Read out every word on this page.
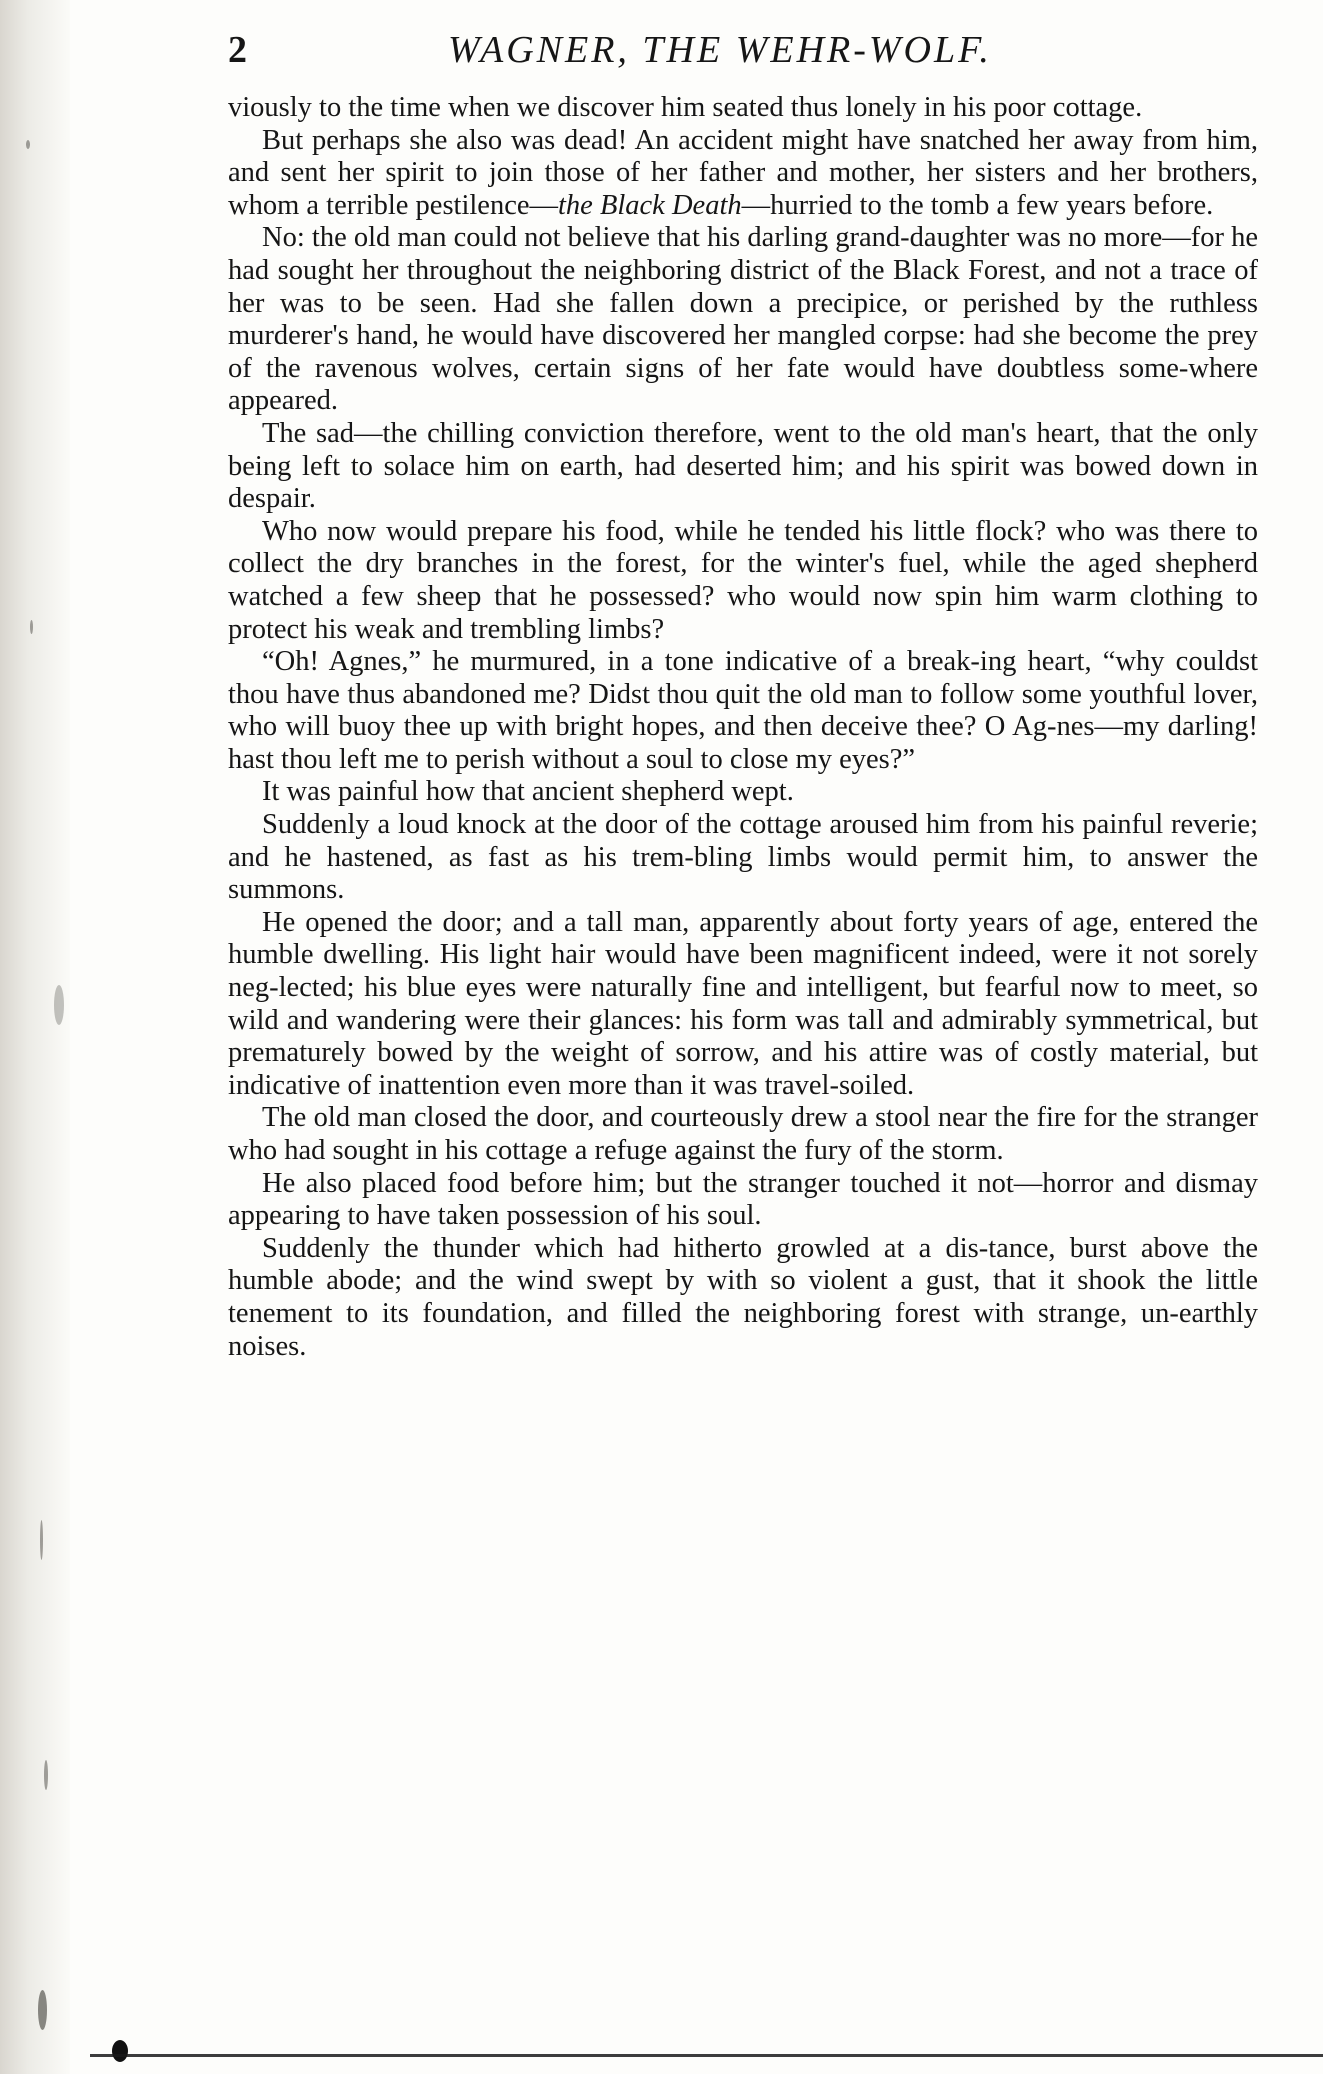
2	WAGNER, THE WEHR-WOLF.

viously to the time when we discover him seated thus lonely in his poor cottage.

But perhaps she also was dead! An accident might have snatched her away from him, and sent her spirit to join those of her father and mother, her sisters and her brothers, whom a terrible pestilence—the Black Death—hurried to the tomb a few years before.

No: the old man could not believe that his darling grand-daughter was no more—for he had sought her throughout the neighboring district of the Black Forest, and not a trace of her was to be seen. Had she fallen down a precipice, or perished by the ruthless murderer's hand, he would have discovered her mangled corpse: had she become the prey of the ravenous wolves, certain signs of her fate would have doubtless some-where appeared.

The sad—the chilling conviction therefore, went to the old man's heart, that the only being left to solace him on earth, had deserted him; and his spirit was bowed down in despair.

Who now would prepare his food, while he tended his little flock? who was there to collect the dry branches in the forest, for the winter's fuel, while the aged shepherd watched a few sheep that he possessed? who would now spin him warm clothing to protect his weak and trembling limbs?

“Oh! Agnes,” he murmured, in a tone indicative of a break-ing heart, “why couldst thou have thus abandoned me? Didst thou quit the old man to follow some youthful lover, who will buoy thee up with bright hopes, and then deceive thee? O Ag-nes—my darling! hast thou left me to perish without a soul to close my eyes?”

It was painful how that ancient shepherd wept.

Suddenly a loud knock at the door of the cottage aroused him from his painful reverie; and he hastened, as fast as his trem-bling limbs would permit him, to answer the summons.

He opened the door; and a tall man, apparently about forty years of age, entered the humble dwelling. His light hair would have been magnificent indeed, were it not sorely neg-lected; his blue eyes were naturally fine and intelligent, but fearful now to meet, so wild and wandering were their glances: his form was tall and admirably symmetrical, but prematurely bowed by the weight of sorrow, and his attire was of costly material, but indicative of inattention even more than it was travel-soiled.

The old man closed the door, and courteously drew a stool near the fire for the stranger who had sought in his cottage a refuge against the fury of the storm.

He also placed food before him; but the stranger touched it not—horror and dismay appearing to have taken possession of his soul.

Suddenly the thunder which had hitherto growled at a dis-tance, burst above the humble abode; and the wind swept by with so violent a gust, that it shook the little tenement to its foundation, and filled the neighboring forest with strange, un-earthly noises.
